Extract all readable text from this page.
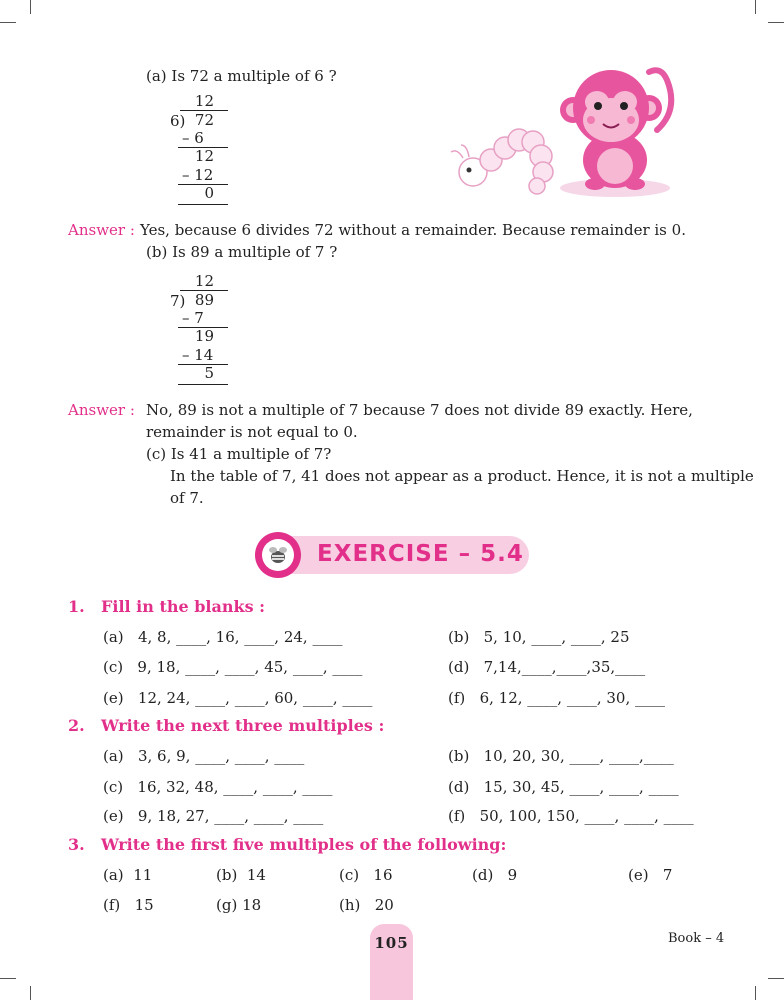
(a) Is 72 a multiple of 6 ?
12
6) 72
– 6
12
– 12
0
Answer : Yes, because 6 divides 72 without a remainder. Because remainder is 0.
(b) Is 89 a multiple of 7 ?
12
7) 89
– 7
19
– 14
5
Answer : No, 89 is not a multiple of 7 because 7 does not divide 89 exactly. Here,
remainder is not equal to 0.
(c) Is 41 a multiple of 7?
In the table of 7, 41 does not appear as a product. Hence, it is not a multiple
of 7.
EXERCISE – 5.4
1. Fill in the blanks :
(a) 4, 8, ____, 16, ____, 24, ____	(b) 5, 10, ____, ____, 25
(c) 9, 18, ____, ____, 45, ____, ____	(d) 7,14,____,____,35,____
(e) 12, 24, ____, ____, 60, ____, ____	(f) 6, 12, ____, ____, 30, ____
2. Write the next three multiples :
(a) 3, 6, 9, ____, ____, ____	(b) 10, 20, 30, ____, ____,____
(c) 16, 32, 48, ____, ____, ____	(d) 15, 30, 45, ____, ____, ____
(e) 9, 18, 27, ____, ____, ____	(f) 50, 100, 150, ____, ____, ____
3. Write the first five multiples of the following:
(a) 11	(b) 14	(c) 16	(d) 9	(e) 7
(f) 15	(g) 18	(h) 20
105	Book – 4
